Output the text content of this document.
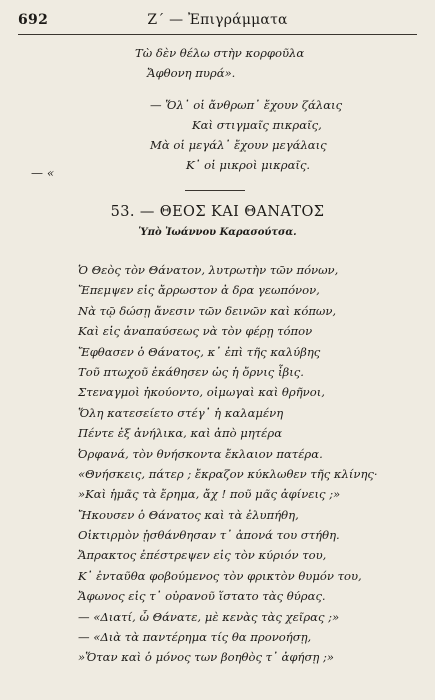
692	Ζ΄ — Ἐπιγράμματα
Τὼ δὲν θέλω στὴν κορφοῦλα
Ἄφθονη πυρά».
— Ὅλ᾽ οἱ ἄνθρωπ᾽ ἔχουν ζάλαις
Καὶ στιγμαῖς πικραῖς,
Μὰ οἱ μεγάλ᾽ ἔχουν μεγάλαις
Κ᾽ οἱ μικροὶ μικραῖς.
— «
53. — ΘΕΟΣ ΚΑΙ ΘΑΝΑΤΟΣ
Ὑπὸ Ἰωάννου Καρασούτσα.
Ὁ Θεὸς τὸν Θάνατον, λυτρωτὴν τῶν πόνων,
Ἔπεμψεν εἰς ἄρρωστον ἀ δρα γεωπόνον,
Νὰ τῷ δώσῃ ἄνεσιν τῶν δεινῶν καὶ κόπων,
Καὶ εἰς ἀναπαύσεως νὰ τὸν φέρῃ τόπον
Ἔφθασεν ὁ Θάνατος, κ᾽ ἐπὶ τῆς καλύβης
Τοῦ πτωχοῦ ἐκάθησεν ὡς ἡ ὄρνις ἶβις.
Στεναγμοὶ ἠκούοντο, οἰμωγαὶ καὶ θρῆνοι,
Ὅλη κατεσείετο στέγ᾽ ἡ καλαμένη
Πέντε ἐξ ἀνήλικα, καὶ ἀπὸ μητέρα
Ὀρφανά, τὸν θνήσκοντα ἔκλαιον πατέρα.
«Θνήσκεις, πάτερ ; ἔκραζον κύκλωθεν τῆς κλίνης·
»Καὶ ἡμᾶς τὰ ἔρημα, ἄχ ! ποῦ μᾶς ἀφίνεις ;»
Ἤκουσεν ὁ Θάνατος καὶ τὰ ἐλυπήθη,
Οἰκτιρμὸν ᾐσθάνθησαν τ᾽ ἀπονά του στήθη.
Ἄπρακτος ἐπέστρεψεν εἰς τὸν κύριόν του,
Κ᾽ ἐνταῦθα φοβούμενος τὸν φρικτὸν θυμόν του,
Ἄφωνος εἰς τ᾽ οὐρανοῦ ἵστατο τὰς θύρας.
— «Διατί, ὦ Θάνατε, μὲ κενὰς τὰς χεῖρας ;»
— «Διὰ τὰ παντέρημα τίς θα προνοήσῃ,
»Ὅταν καὶ ὁ μόνος των βοηθὸς τ᾽ ἀφήσῃ ;»
